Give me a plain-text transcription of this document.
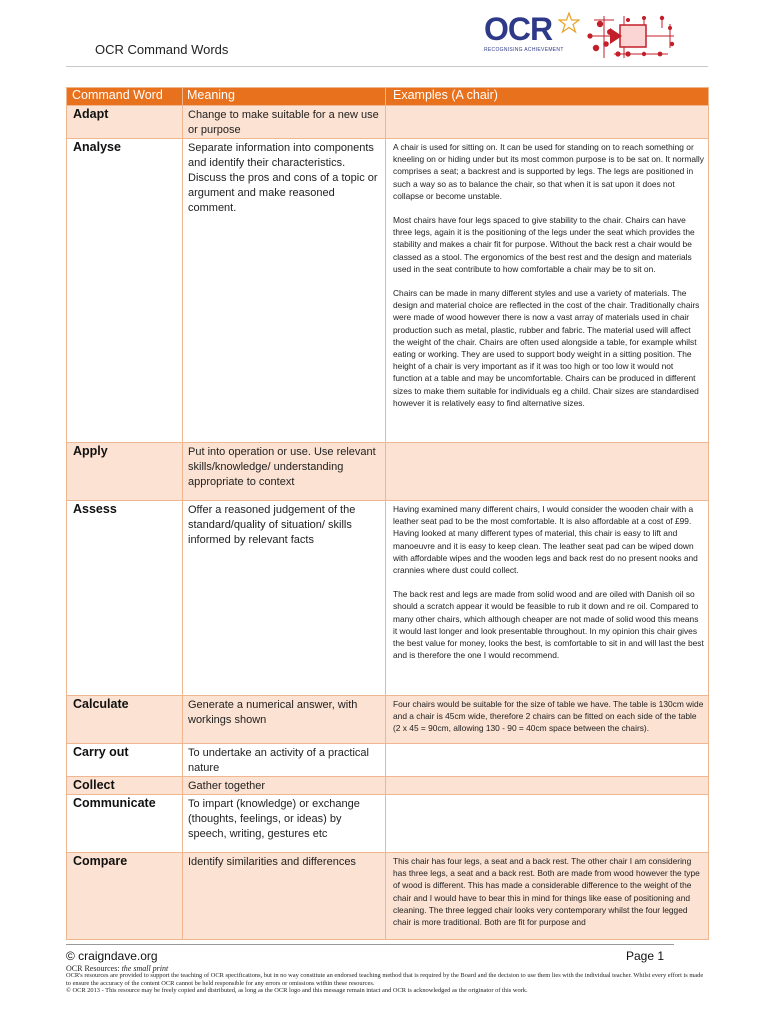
OCR Command Words
OCR
RECOGNISING ACHIEVEMENT
Command Word	Meaning	Examples (A chair)

Adapt	Change to make suitable for a new use or purpose	

Analyse	Separate information into components and identify their characteristics. Discuss the pros and cons of a topic or argument and make reasoned comment.	A chair is used for sitting on. It can be used for standing on to reach something or kneeling on or hiding under but its most common purpose is to be sat on. It normally comprises a seat; a backrest and is supported by legs. The legs are positioned in such a way so as to balance the chair, so that when it is sat upon it does not collapse or become unstable.

Most chairs have four legs spaced to give stability to the chair. Chairs can have three legs, again it is the positioning of the legs under the seat which provides the stability and makes a chair fit for purpose. Without the back rest a chair would be classed as a stool. The ergonomics of the best rest and the design and materials used in the seat contribute to how comfortable a chair may be to sit on.

Chairs can be made in many different styles and use a variety of materials. The design and material choice are reflected in the cost of the chair. Traditionally chairs were made of wood however there is now a vast array of materials used in chair production such as metal, plastic, rubber and fabric. The material used will affect the weight of the chair. Chairs are often used alongside a table, for example whilst eating or working. They are used to support body weight in a sitting position. The height of a chair is very important as if it was too high or too low it would not function at a table and may be uncomfortable. Chairs can be produced in different sizes to make them suitable for individuals eg a child. Chair sizes are standardised however it is relatively easy to find alternative sizes.

Apply	Put into operation or use. Use relevant skills/knowledge/ understanding appropriate to context	

Assess	Offer a reasoned judgement of the standard/quality of situation/ skills informed by relevant facts	Having examined many different chairs, I would consider the wooden chair with a leather seat pad to be the most comfortable. It is also affordable at a cost of £99. Having looked at many different types of material, this chair is easy to lift and manoeuvre and it is easy to keep clean. The leather seat pad can be wiped down with affordable wipes and the wooden legs and back rest do no present nooks and crannies where dust could collect.

The back rest and legs are made from solid wood and are oiled with Danish oil so should a scratch appear it would be feasible to rub it down and re oil. Compared to many other chairs, which although cheaper are not made of solid wood this means it would last longer and look presentable throughout. In my opinion this chair gives the best value for money, looks the best, is comfortable to sit in and will last the best and is therefore the one I would recommend.

Calculate	Generate a numerical answer, with workings shown	Four chairs would be suitable for the size of table we have. The table is 130cm wide and a chair is 45cm wide, therefore 2 chairs can be fitted on each side of the table (2 x 45 = 90cm, allowing 130 - 90 = 40cm space between the chairs).

Carry out	To undertake an activity of a practical nature	

Collect	Gather together	

Communicate	To impart (knowledge) or exchange (thoughts, feelings, or ideas) by speech, writing, gestures etc	

Compare	Identify similarities and differences	This chair has four legs, a seat and a back rest. The other chair I am considering has three legs, a seat and a back rest. Both are made from wood however the type of wood is different. This has made a considerable difference to the weight of the chair and I would have to bear this in mind for things like ease of positioning and cleaning. The three legged chair looks very contemporary whilst the four legged chair is more traditional. Both are fit for purpose and

© craigndave.org	Page 1
OCR Resources: the small print
OCR's resources are provided to support the teaching of OCR specifications, but in no way constitute an endorsed teaching method that is required by the Board and the decision to use them lies with the individual teacher. Whilst every effort is made to ensure the accuracy of the content OCR cannot be held responsible for any errors or omissions within these resources.
© OCR 2013 - This resource may be freely copied and distributed, as long as the OCR logo and this message remain intact and OCR is acknowledged as the originator of this work.
